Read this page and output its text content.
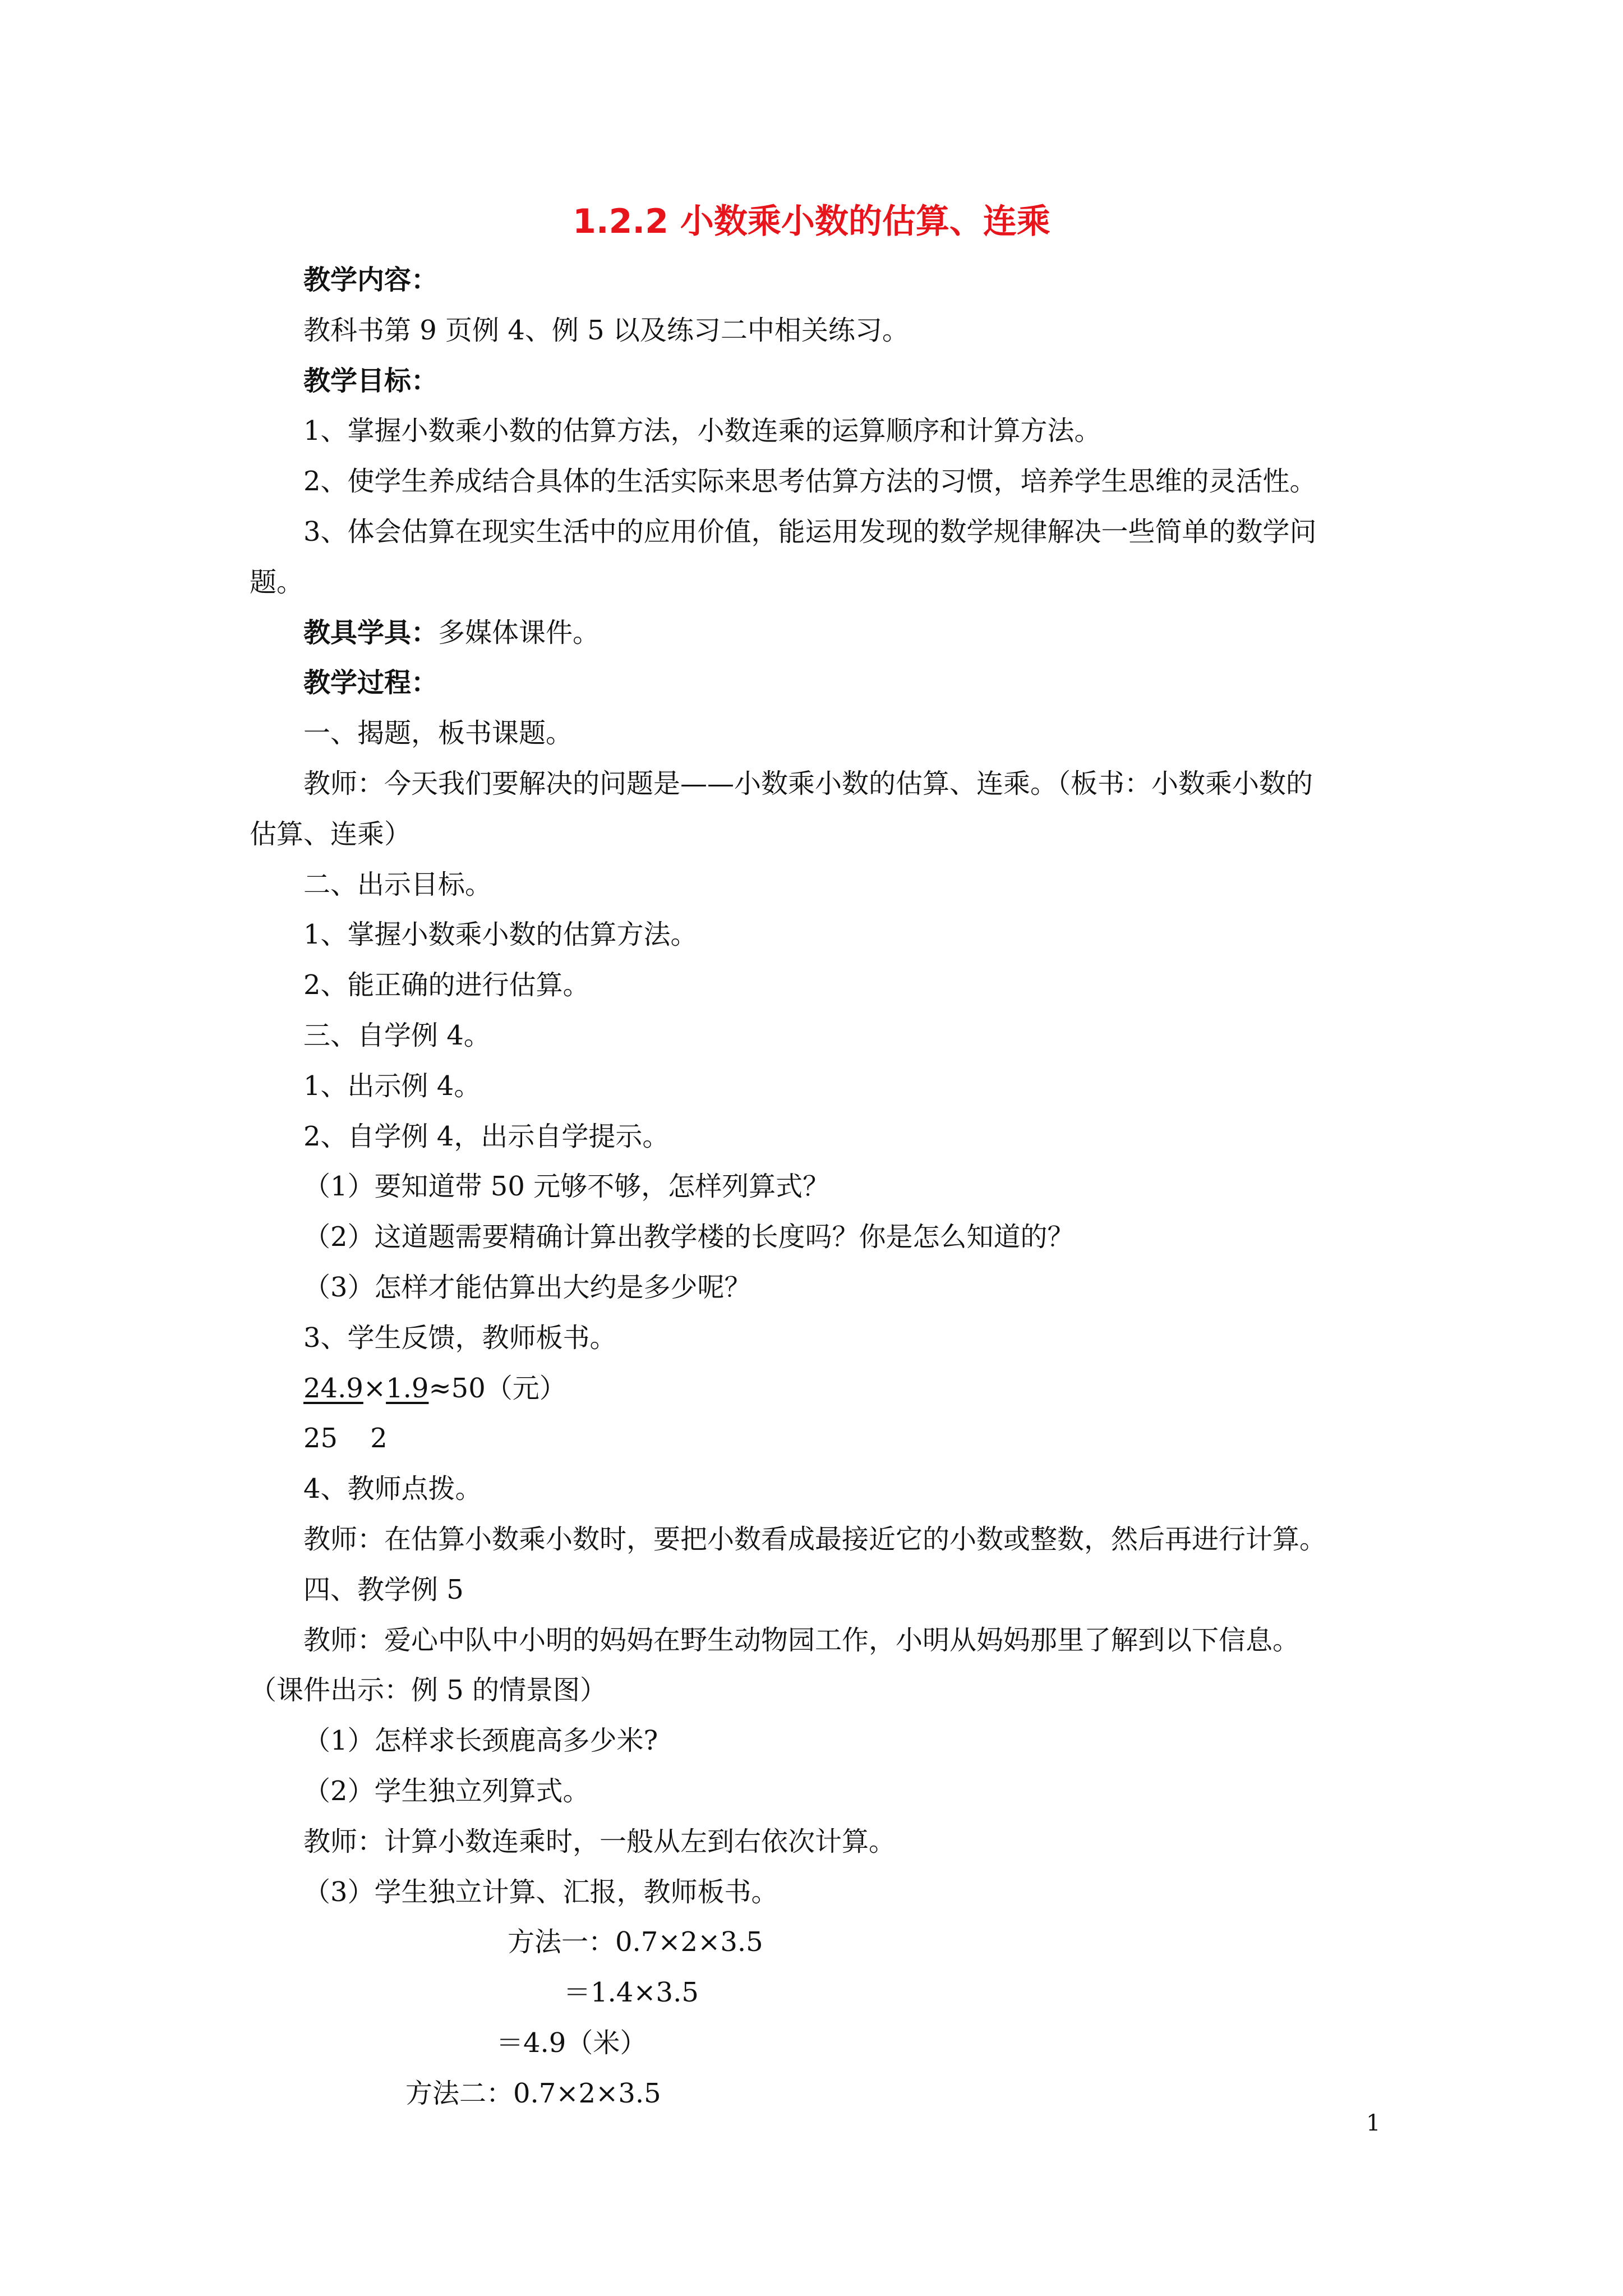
1.2.2 小数乘小数的估算、连乘

教学内容：

教科书第 9 页例 4、例 5 以及练习二中相关练习。

教学目标：

1、掌握小数乘小数的估算方法，小数连乘的运算顺序和计算方法。

2、使学生养成结合具体的生活实际来思考估算方法的习惯，培养学生思维的灵活性。

3、体会估算在现实生活中的应用价值，能运用发现的数学规律解决一些简单的数学问

题。

教具学具：多媒体课件。

教学过程：

一、揭题，板书课题。

教师：今天我们要解决的问题是——小数乘小数的估算、连乘。（板书：小数乘小数的

估算、连乘）

二、出示目标。

1、掌握小数乘小数的估算方法。

2、能正确的进行估算。

三、自学例 4。

1、出示例 4。

2、自学例 4，出示自学提示。

（1）要知道带 50 元够不够，怎样列算式？

（2）这道题需要精确计算出教学楼的长度吗？你是怎么知道的？

（3）怎样才能估算出大约是多少呢？

3、学生反馈，教师板书。

24.9×1.9≈50（元）

25 2

4、教师点拨。

教师：在估算小数乘小数时，要把小数看成最接近它的小数或整数，然后再进行计算。

四、教学例 5

教师：爱心中队中小明的妈妈在野生动物园工作，小明从妈妈那里了解到以下信息。

（课件出示：例 5 的情景图）

（1）怎样求长颈鹿高多少米?

（2）学生独立列算式。

教师：计算小数连乘时，一般从左到右依次计算。

（3）学生独立计算、汇报，教师板书。

方法一：0.7×2×3.5

＝1.4×3.5

＝4.9（米）

方法二：0.7×2×3.5

1
